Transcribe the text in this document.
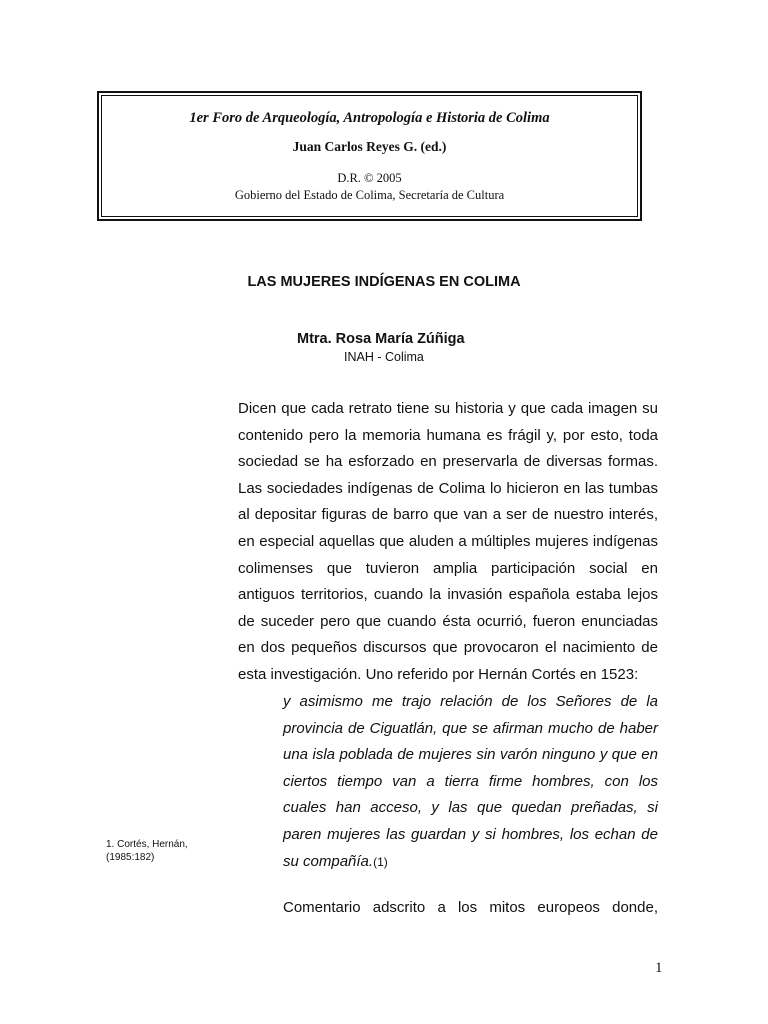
1er Foro de Arqueología, Antropología e Historia de Colima
Juan Carlos Reyes G. (ed.)
D.R. © 2005
Gobierno del Estado de Colima, Secretaría de Cultura
LAS MUJERES INDÍGENAS EN COLIMA
Mtra. Rosa María Zúñiga
INAH - Colima
Dicen que cada retrato tiene su historia y que cada imagen su
contenido pero la memoria humana es frágil y, por esto, toda
sociedad se ha esforzado en preservarla de diversas formas.
Las sociedades indígenas de Colima lo hicieron en las tumbas
al depositar figuras de barro que van a ser de nuestro interés,
en especial aquellas que aluden a múltiples mujeres indígenas
colimenses que tuvieron amplia participación social en
antiguos territorios, cuando la invasión española estaba lejos
de suceder pero que cuando ésta ocurrió, fueron enunciadas
en dos pequeños discursos que provocaron el nacimiento de
esta investigación. Uno referido por Hernán Cortés en 1523:
y asimismo me trajo relación de los Señores de la
provincia de Ciguatlán, que se afirman mucho de haber
una isla poblada de mujeres sin varón ninguno y que en
ciertos tiempo van a tierra firme hombres, con los
cuales han acceso, y las que quedan preñadas, si
paren mujeres las guardan y si hombres, los echan de
su compañía.(1)
Comentario adscrito a los mitos europeos donde,
1. Cortés, Hernán,
(1985:182)
1
